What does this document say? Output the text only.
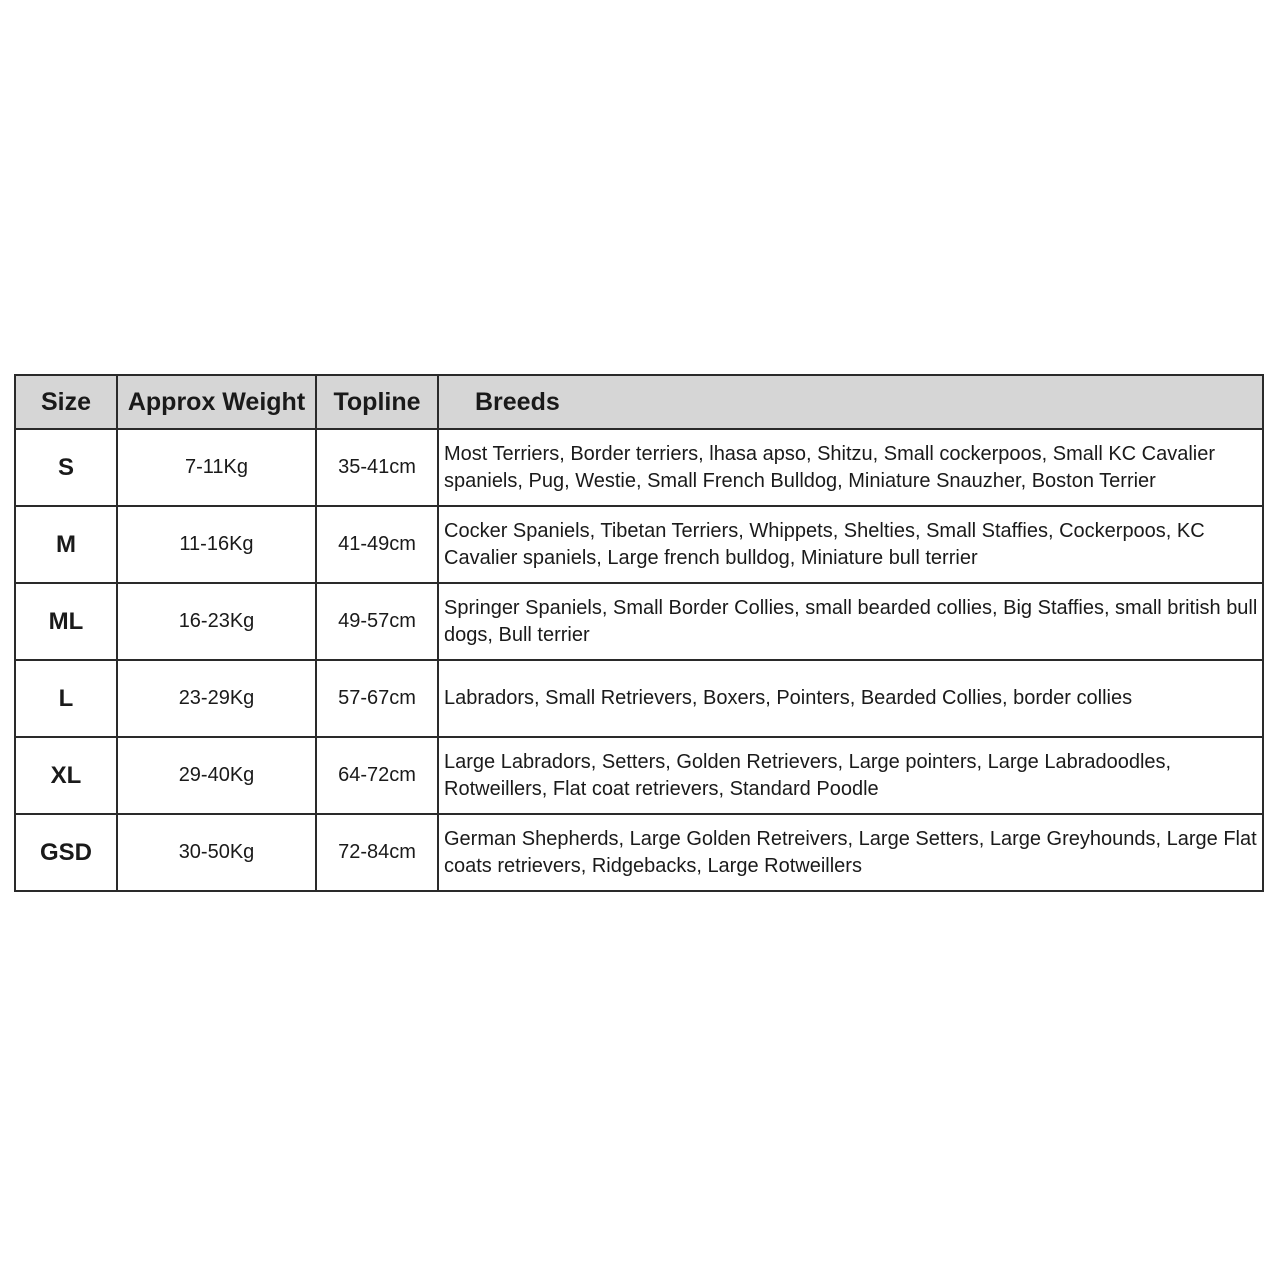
Size	Approx Weight	Topline	Breeds
S	7-11Kg	35-41cm	Most Terriers, Border terriers, lhasa apso, Shitzu, Small cockerpoos, Small KC Cavalier spaniels, Pug, Westie, Small French Bulldog, Miniature Snauzher, Boston Terrier
M	11-16Kg	41-49cm	Cocker Spaniels, Tibetan Terriers, Whippets, Shelties, Small Staffies, Cockerpoos, KC Cavalier spaniels, Large french bulldog, Miniature bull terrier
ML	16-23Kg	49-57cm	Springer Spaniels, Small Border Collies, small bearded collies, Big Staffies, small british bull dogs, Bull terrier
L	23-29Kg	57-67cm	Labradors, Small Retrievers, Boxers, Pointers, Bearded Collies, border collies
XL	29-40Kg	64-72cm	Large Labradors, Setters, Golden Retrievers, Large pointers, Large Labradoodles, Rotweillers, Flat coat retrievers, Standard Poodle
GSD	30-50Kg	72-84cm	German Shepherds, Large Golden Retreivers, Large Setters, Large Greyhounds, Large Flat coats retrievers, Ridgebacks, Large Rotweillers
